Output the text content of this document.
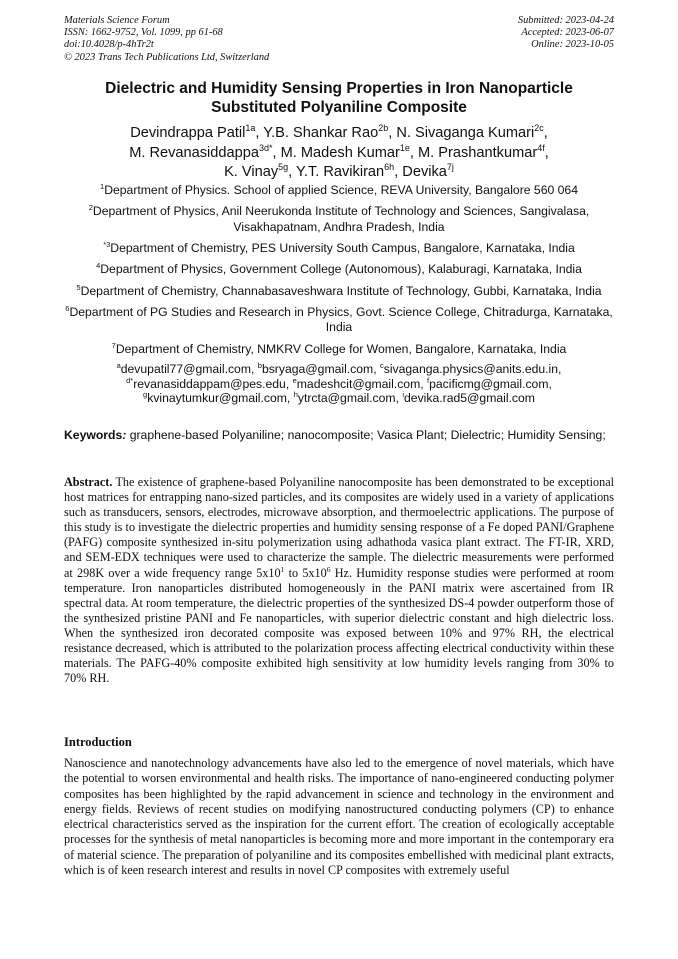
Materials Science Forum
ISSN: 1662-9752, Vol. 1099, pp 61-68
doi:10.4028/p-4hTr2t
© 2023 Trans Tech Publications Ltd, Switzerland
Submitted: 2023-04-24
Accepted: 2023-06-07
Online: 2023-10-05
Dielectric and Humidity Sensing Properties in Iron Nanoparticle
Substituted Polyaniline Composite
Devindrappa Patil$^{1a}$, Y.B. Shankar Rao$^{2b}$, N. Sivaganga Kumari$^{2c}$,
M. Revanasiddappa$^{3d*}$, M. Madesh Kumar$^{1e}$, M. Prashantkumar$^{4f}$,
K. Vinay$^{5g}$, Y.T. Ravikiran$^{6h}$, Devika$^{7j}$
$^1$Department of Physics. School of applied Science, REVA University, Bangalore 560 064
$^2$Department of Physics, Anil Neerukonda Institute of Technology and Sciences, Sangivalasa, Visakhapatnam, Andhra Pradesh, India
$^{*3}$Department of Chemistry, PES University South Campus, Bangalore, Karnataka, India
$^4$Department of Physics, Government College (Autonomous), Kalaburagi, Karnataka, India
$^5$Department of Chemistry, Channabasaveshwara Institute of Technology, Gubbi, Karnataka, India
$^6$Department of PG Studies and Research in Physics, Govt. Science College, Chitradurga, Karnataka, India
$^7$Department of Chemistry, NMKRV College for Women, Bangalore, Karnataka, India
$^a$devupatil77@gmail.com, $^b$bsryaga@gmail.com, $^c$sivaganga.physics@anits.edu.in,
$^{d*}$revanasiddappam@pes.edu, $^e$madeshcit@gmail.com, $^f$pacificmg@gmail.com,
$^g$kvinaytumkur@gmail.com, $^h$ytrcta@gmail.com, $^i$devika.rad5@gmail.com
Keywords: graphene-based Polyaniline; nanocomposite; Vasica Plant; Dielectric; Humidity Sensing;
Abstract. The existence of graphene-based Polyaniline nanocomposite has been demonstrated to be exceptional host matrices for entrapping nano-sized particles, and its composites are widely used in a variety of applications such as transducers, sensors, electrodes, microwave absorption, and thermoelectric applications. The purpose of this study is to investigate the dielectric properties and humidity sensing response of a Fe doped PANI/Graphene (PAFG) composite synthesized in-situ polymerization using adhathoda vasica plant extract. The FT-IR, XRD, and SEM-EDX techniques were used to characterize the sample. The dielectric measurements were performed at 298K over a wide frequency range $5x10^1$ to $5x10^6$ Hz. Humidity response studies were performed at room temperature. Iron nanoparticles distributed homogeneously in the PANI matrix were ascertained from IR spectral data. At room temperature, the dielectric properties of the synthesized DS-4 powder outperform those of the synthesized pristine PANI and Fe nanoparticles, with superior dielectric constant and high dielectric loss. When the synthesized iron decorated composite was exposed between 10% and 97% RH, the electrical resistance decreased, which is attributed to the polarization process affecting electrical conductivity within these materials. The PAFG-40% composite exhibited high sensitivity at low humidity levels ranging from 30% to 70% RH.
Introduction
Nanoscience and nanotechnology advancements have also led to the emergence of novel materials, which have the potential to worsen environmental and health risks. The importance of nano-engineered conducting polymer composites has been highlighted by the rapid advancement in science and technology in the environment and energy fields. Reviews of recent studies on modifying nanostructured conducting polymers (CP) to enhance electrical characteristics served as the inspiration for the current effort. The creation of ecologically acceptable processes for the synthesis of metal nanoparticles is becoming more and more important in the contemporary era of material science. The preparation of polyaniline and its composites embellished with medicinal plant extracts, which is of keen research interest and results in novel CP composites with extremely useful
